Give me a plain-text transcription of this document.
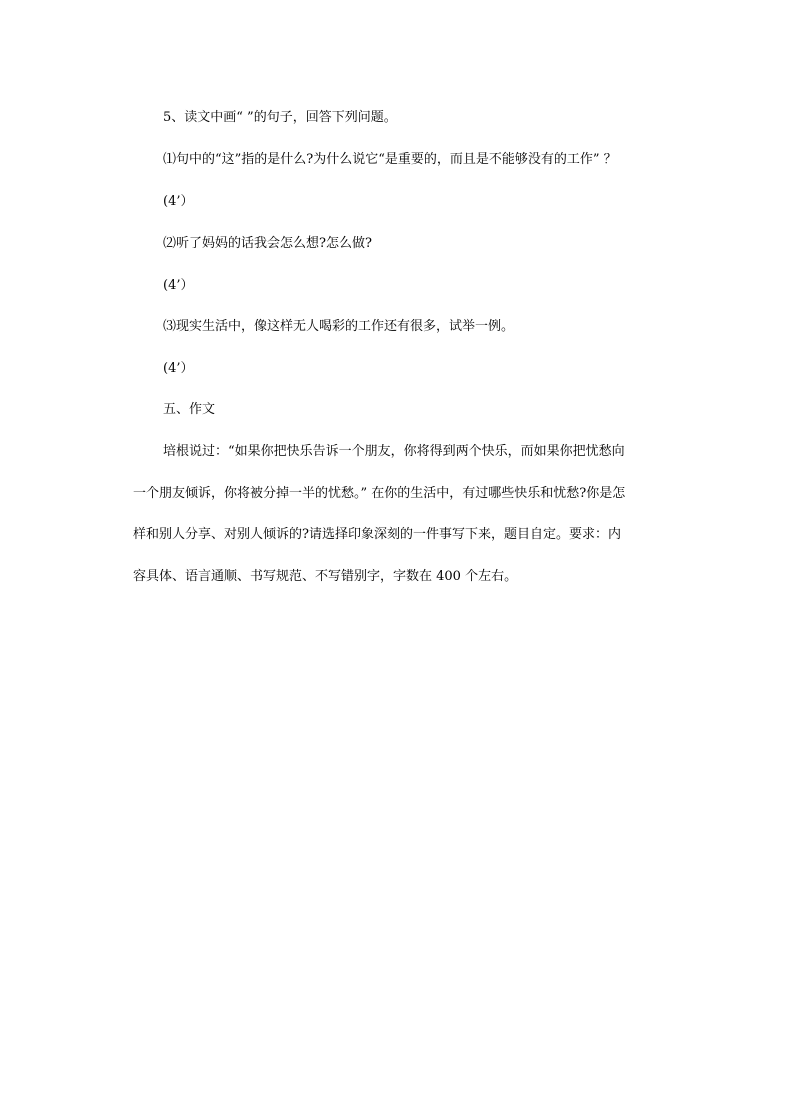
5、读文中画“ ”的句子，回答下列问题。
⑴句中的“这”指的是什么?为什么说它“是重要的，而且是不能够没有的工作” ？
(4’）
⑵听了妈妈的话我会怎么想?怎么做?
(4’）
⑶现实生活中，像这样无人喝彩的工作还有很多，试举一例。
(4’）
五、作文
培根说过：“如果你把快乐告诉一个朋友，你将得到两个快乐，而如果你把忧愁向
一个朋友倾诉，你将被分掉一半的忧愁。” 在你的生活中，有过哪些快乐和忧愁?你是怎
样和别人分享、对别人倾诉的?请选择印象深刻的一件事写下来，题目自定。要求：内
容具体、语言通顺、书写规范、不写错别字，字数在 400 个左右。
